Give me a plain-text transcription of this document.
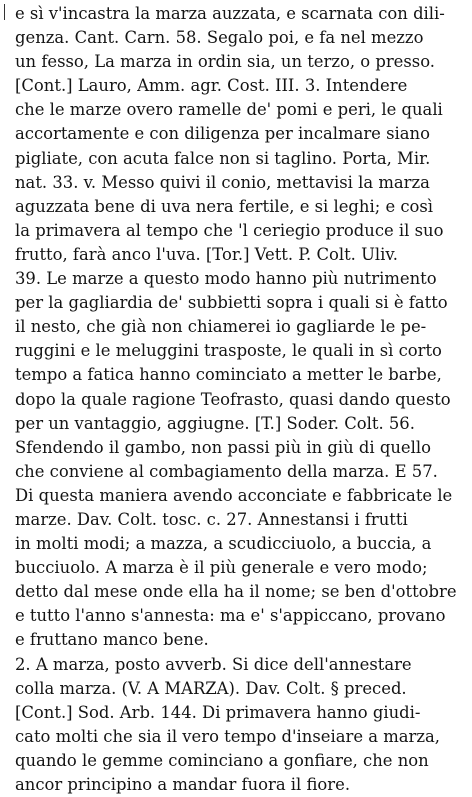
e sì v'incastra la marza auzzata, e scarnata con dili-
genza. Cant. Carn. 58. Segalo poi, e fa nel mezzo
un fesso, La marza in ordin sia, un terzo, o presso.
[Cont.] Lauro, Amm. agr. Cost. III. 3. Intendere
che le marze overo ramelle de' pomi e peri, le quali
accortamente e con diligenza per incalmare siano
pigliate, con acuta falce non si taglino. Porta, Mir.
nat. 33. v. Messo quivi il conio, mettavisi la marza
aguzzata bene di uva nera fertile, e si leghi; e così
la primavera al tempo che 'l ceriegio produce il suo
frutto, farà anco l'uva. [Tor.] Vett. P. Colt. Uliv.
39. Le marze a questo modo hanno più nutrimento
per la gagliardia de' subbietti sopra i quali si è fatto
il nesto, che già non chiamerei io gagliarde le pe-
ruggini e le meluggini trasposte, le quali in sì corto
tempo a fatica hanno cominciato a metter le barbe,
dopo la quale ragione Teofrasto, quasi dando questo
per un vantaggio, aggiugne. [T.] Soder. Colt. 56.
Sfendendo il gambo, non passi più in giù di quello
che conviene al combagiamento della marza. E 57.
Di questa maniera avendo acconciate e fabbricate le
marze. Dav. Colt. tosc. c. 27. Annestansi i frutti
in molti modi; a mazza, a scudicciuolo, a buccia, a
bucciuolo. A marza è il più generale e vero modo;
detto dal mese onde ella ha il nome; se ben d'ottobre
e tutto l'anno s'annesta: ma e' s'appiccano, provano
e fruttano manco bene.
2. A marza, posto avverb. Si dice dell'annestare
colla marza. (V. A MARZA). Dav. Colt. § preced.
[Cont.] Sod. Arb. 144. Di primavera hanno giudi-
cato molti che sia il vero tempo d'inseiare a marza,
quando le gemme cominciano a gonfiare, che non
ancor principino a mandar fuora il fiore.
